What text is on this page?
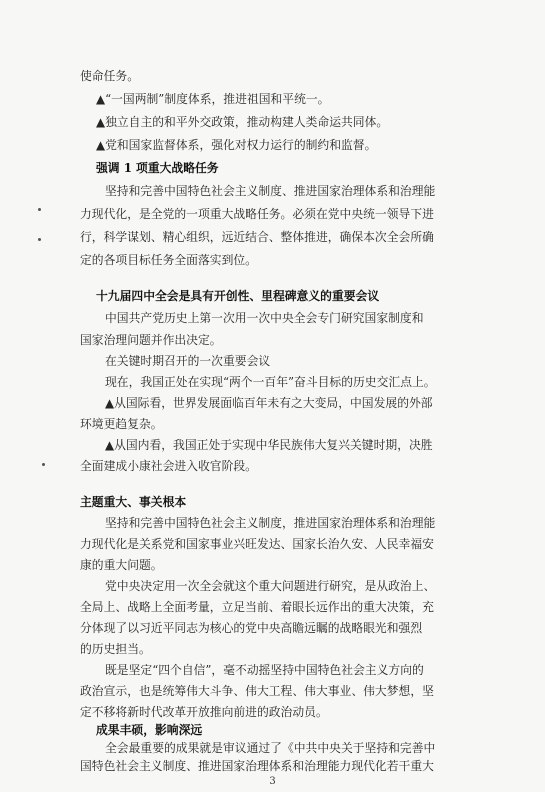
使命任务。
▲“一国两制”制度体系，推进祖国和平统一。
▲独立自主的和平外交政策，推动构建人类命运共同体。
▲党和国家监督体系，强化对权力运行的制约和监督。
强调 1 项重大战略任务
坚持和完善中国特色社会主义制度、推进国家治理体系和治理能
力现代化，是全党的一项重大战略任务。必须在党中央统一领导下进
行，科学谋划、精心组织，远近结合、整体推进，确保本次全会所确
定的各项目标任务全面落实到位。
十九届四中全会是具有开创性、里程碑意义的重要会议
中国共产党历史上第一次用一次中央全会专门研究国家制度和
国家治理问题并作出决定。
在关键时期召开的一次重要会议
现在，我国正处在实现“两个一百年”奋斗目标的历史交汇点上。
▲从国际看，世界发展面临百年未有之大变局，中国发展的外部
环境更趋复杂。
▲从国内看，我国正处于实现中华民族伟大复兴关键时期，决胜
全面建成小康社会进入收官阶段。
主题重大、事关根本
坚持和完善中国特色社会主义制度，推进国家治理体系和治理能
力现代化是关系党和国家事业兴旺发达、国家长治久安、人民幸福安
康的重大问题。
党中央决定用一次全会就这个重大问题进行研究，是从政治上、
全局上、战略上全面考量，立足当前、着眼长远作出的重大决策，充
分体现了以习近平同志为核心的党中央高瞻远瞩的战略眼光和强烈
的历史担当。
既是坚定“四个自信”，毫不动摇坚持中国特色社会主义方向的
政治宣示，也是统筹伟大斗争、伟大工程、伟大事业、伟大梦想，坚
定不移将新时代改革开放推向前进的政治动员。
成果丰硕，影响深远
全会最重要的成果就是审议通过了《中共中央关于坚持和完善中
国特色社会主义制度、推进国家治理体系和治理能力现代化若干重大
3
